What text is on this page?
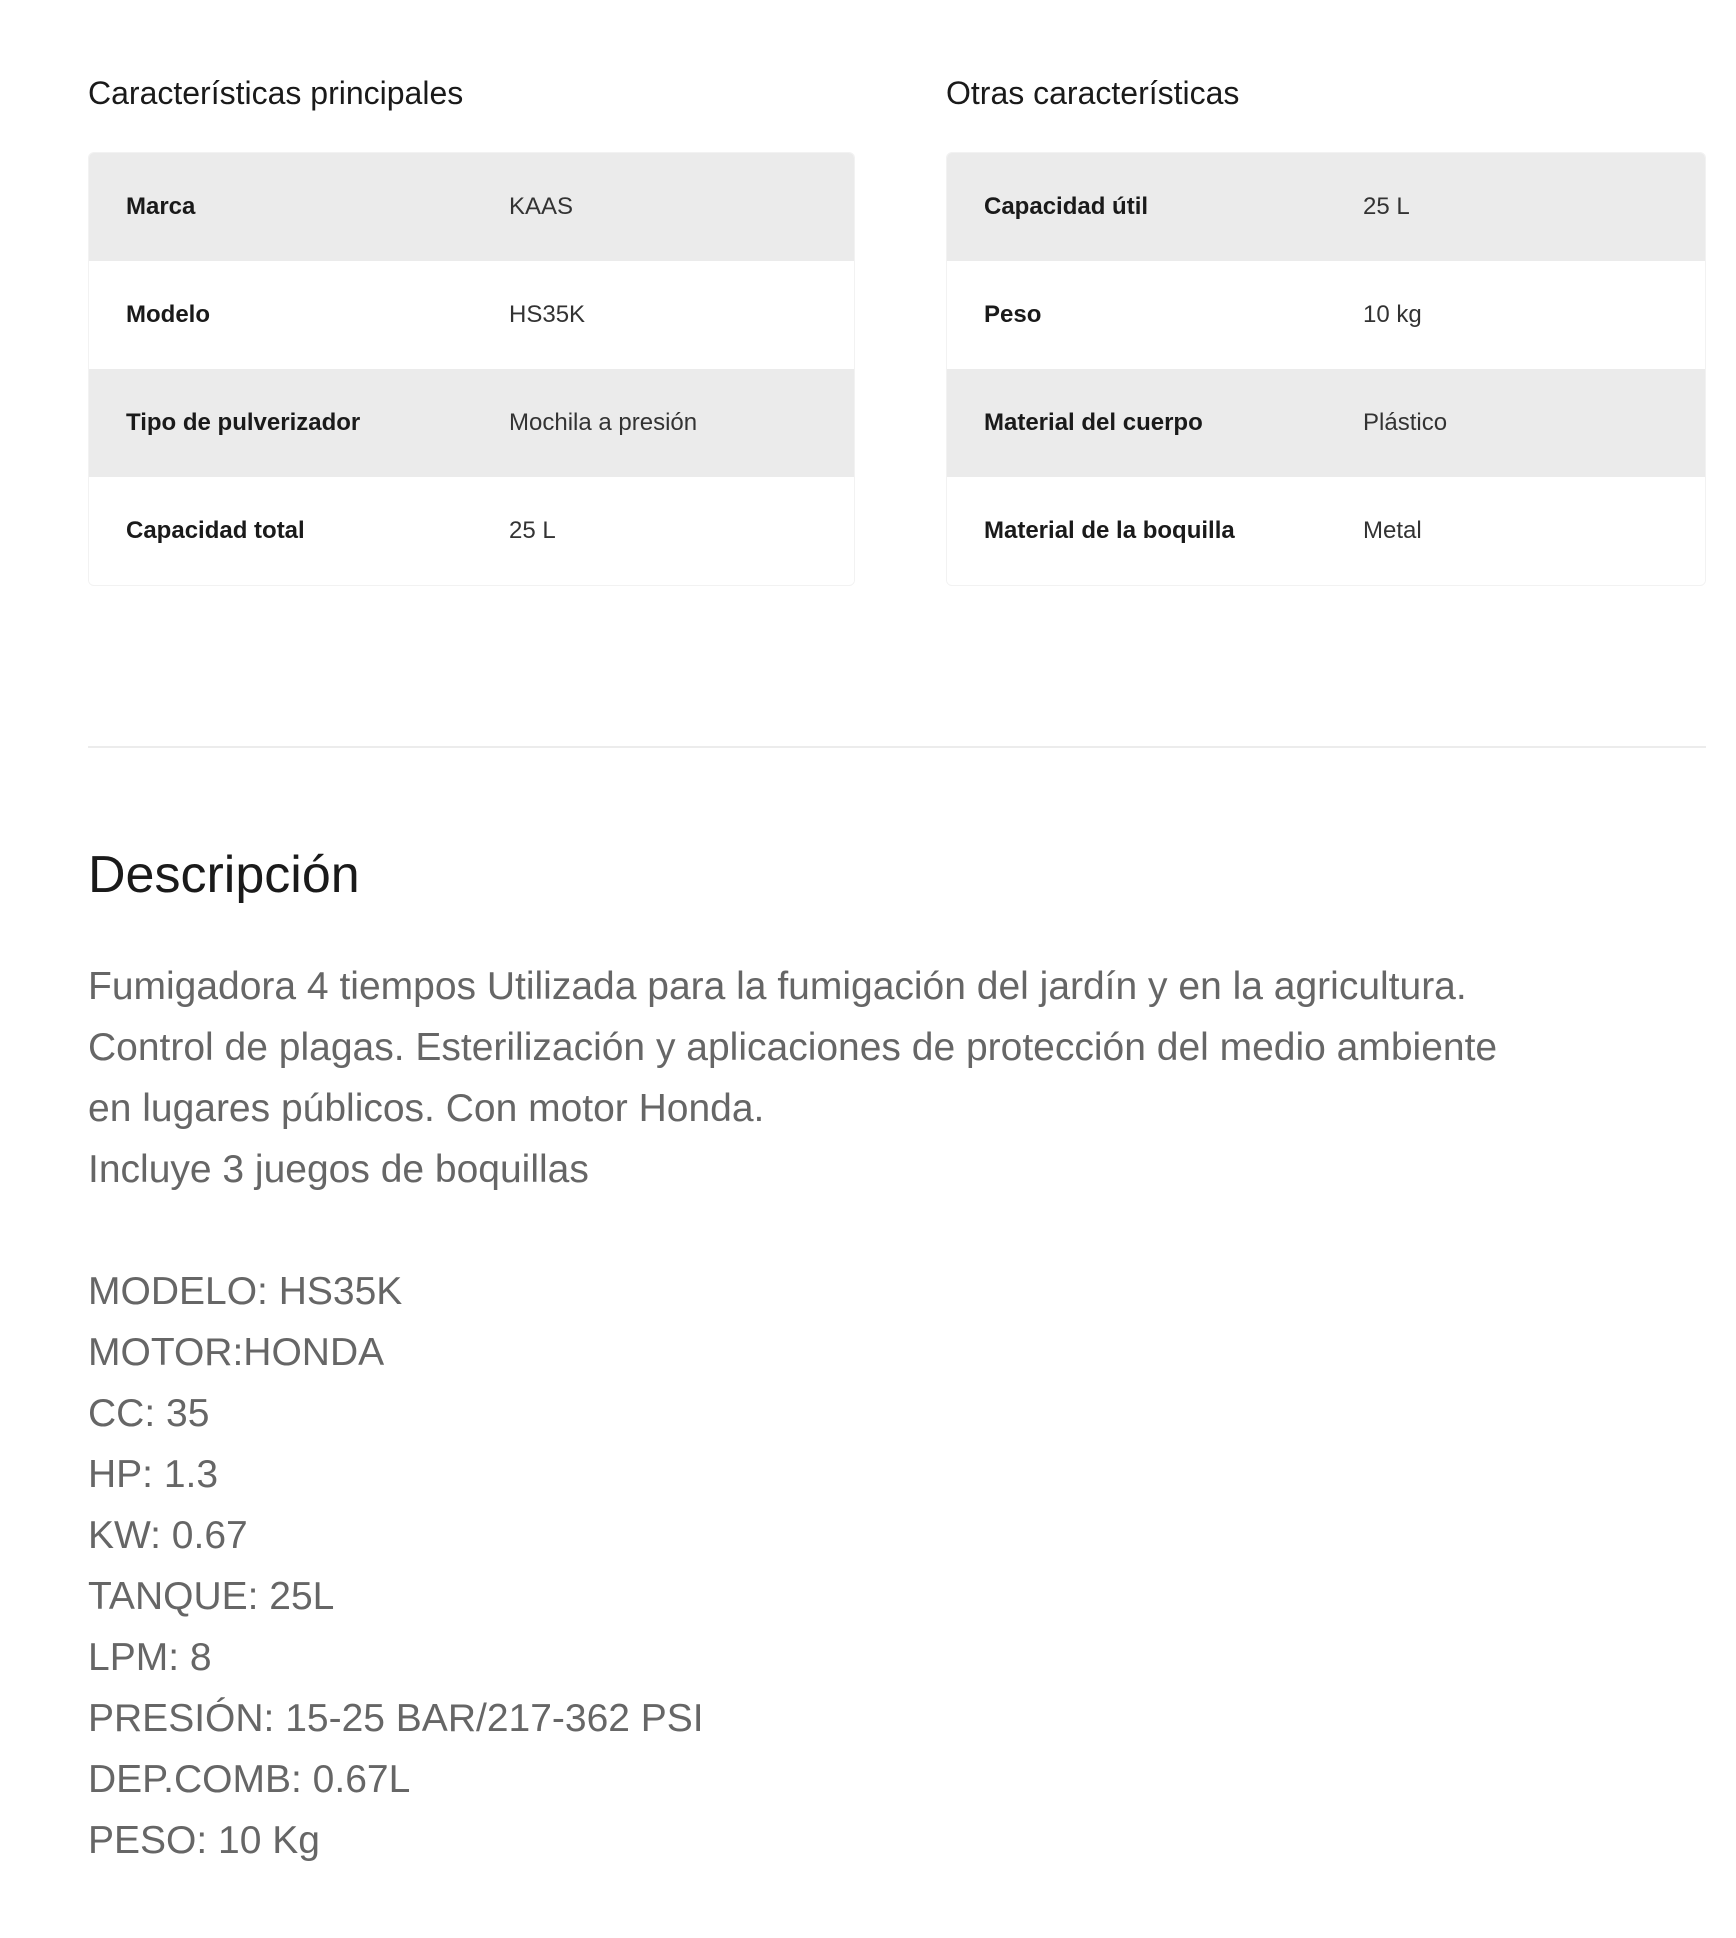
Características principales
Marca	KAAS
Modelo	HS35K
Tipo de pulverizador	Mochila a presión
Capacidad total	25 L
Otras características
Capacidad útil	25 L
Peso	10 kg
Material del cuerpo	Plástico
Material de la boquilla	Metal
Descripción
Fumigadora 4 tiempos Utilizada para la fumigación del jardín y en la agricultura.
Control de plagas. Esterilización y aplicaciones de protección del medio ambiente
en lugares públicos. Con motor Honda.
Incluye 3 juegos de boquillas
MODELO: HS35K
MOTOR:HONDA
CC: 35
HP: 1.3
KW: 0.67
TANQUE: 25L
LPM: 8
PRESIÓN: 15-25 BAR/217-362 PSI
DEP.COMB: 0.67L
PESO: 10 Kg
